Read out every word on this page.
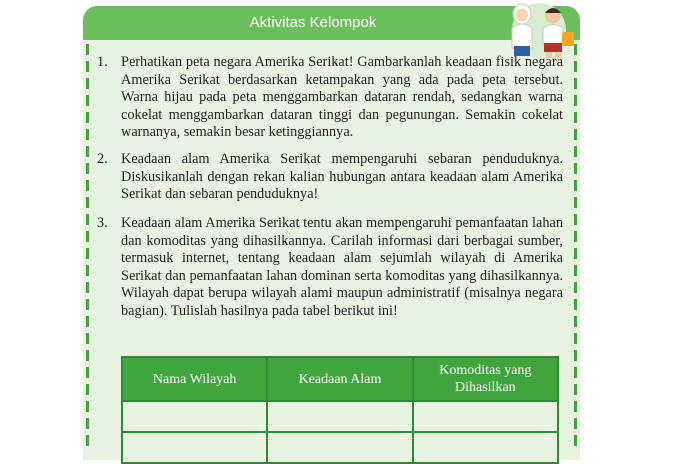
Aktivitas Kelompok
1. Perhatikan peta negara Amerika Serikat! Gambarkanlah keadaan fisik negara Amerika Serikat berdasarkan ketampakan yang ada pada peta tersebut. Warna hijau pada peta menggambarkan dataran rendah, sedangkan warna cokelat menggambarkan dataran tinggi dan pegunungan. Semakin cokelat warnanya, semakin besar ketinggiannya.
2. Keadaan alam Amerika Serikat mempengaruhi sebaran penduduknya. Diskusikanlah dengan rekan kalian hubungan antara keadaan alam Amerika Serikat dan sebaran penduduknya!
3. Keadaan alam Amerika Serikat tentu akan mempengaruhi pemanfaatan lahan dan komoditas yang dihasilkannya. Carilah informasi dari berbagai sumber, termasuk internet, tentang keadaan alam sejumlah wilayah di Amerika Serikat dan pemanfaatan lahan dominan serta komoditas yang dihasilkannya. Wilayah dapat berupa wilayah alami maupun administratif (misalnya negara bagian). Tulislah hasilnya pada tabel berikut ini!
Nama Wilayah	Keadaan Alam	Komoditas yang Dihasilkan
